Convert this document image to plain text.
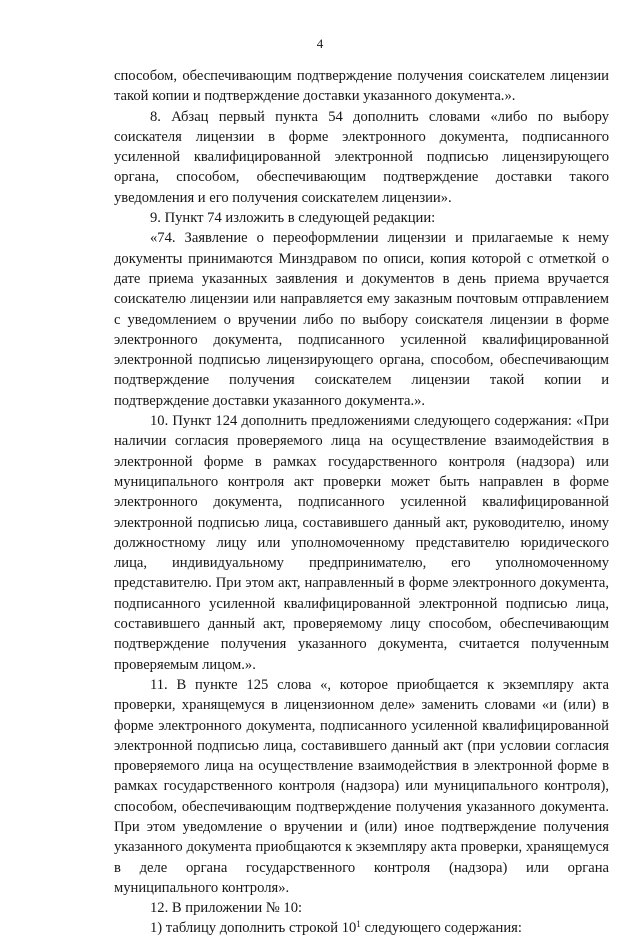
4

способом, обеспечивающим подтверждение получения соискателем лицензии такой копии и подтверждение доставки указанного документа.».

8. Абзац первый пункта 54 дополнить словами «либо по выбору соискателя лицензии в форме электронного документа, подписанного усиленной квалифицированной электронной подписью лицензирующего органа, способом, обеспечивающим подтверждение доставки такого уведомления и его получения соискателем лицензии».

9. Пункт 74 изложить в следующей редакции:

«74. Заявление о переоформлении лицензии и прилагаемые к нему документы принимаются Минздравом по описи, копия которой с отметкой о дате приема указанных заявления и документов в день приема вручается соискателю лицензии или направляется ему заказным почтовым отправлением с уведомлением о вручении либо по выбору соискателя лицензии в форме электронного документа, подписанного усиленной квалифицированной электронной подписью лицензирующего органа, способом, обеспечивающим подтверждение получения соискателем лицензии такой копии и подтверждение доставки указанного документа.».

10. Пункт 124 дополнить предложениями следующего содержания: «При наличии согласия проверяемого лица на осуществление взаимодействия в электронной форме в рамках государственного контроля (надзора) или муниципального контроля акт проверки может быть направлен в форме электронного документа, подписанного усиленной квалифицированной электронной подписью лица, составившего данный акт, руководителю, иному должностному лицу или уполномоченному представителю юридического лица, индивидуальному предпринимателю, его уполномоченному представителю. При этом акт, направленный в форме электронного документа, подписанного усиленной квалифицированной электронной подписью лица, составившего данный акт, проверяемому лицу способом, обеспечивающим подтверждение получения указанного документа, считается полученным проверяемым лицом.».

11. В пункте 125 слова «, которое приобщается к экземпляру акта проверки, хранящемуся в лицензионном деле» заменить словами «и (или) в форме электронного документа, подписанного усиленной квалифицированной электронной подписью лица, составившего данный акт (при условии согласия проверяемого лица на осуществление взаимодействия в электронной форме в рамках государственного контроля (надзора) или муниципального контроля), способом, обеспечивающим подтверждение получения указанного документа. При этом уведомление о вручении и (или) иное подтверждение получения указанного документа приобщаются к экземпляру акта проверки, хранящемуся в деле органа государственного контроля (надзора) или органа муниципального контроля».

12. В приложении № 10:

1) таблицу дополнить строкой $10^1$ следующего содержания:
